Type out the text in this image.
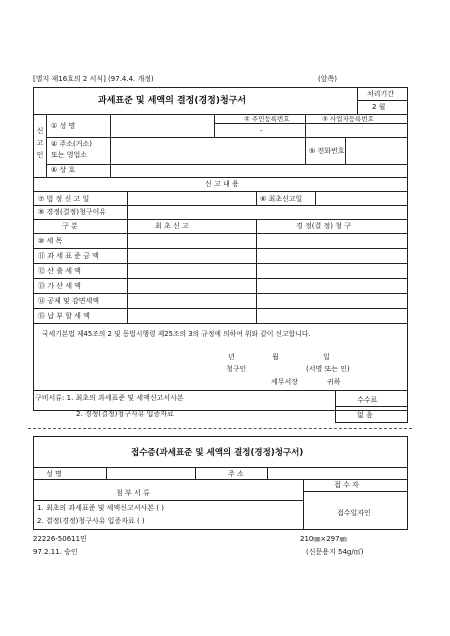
[별지 제16호의 2 서식] (97.4.4. 개정)	(앞쪽)
과세표준 및 세액의 결정(경정)청구서
처리기간
2 월
신 고 인
① 성 명
② 주민등록번호
-
③ 사업자등록번호
④ 주소(거소)
또는 영업소	⑤ 전화번호
⑥ 상 호
신 고 내 용
⑦ 법 정 신 고 일	⑧ 최초신고일
⑨ 경정(결정)청구이유
구 분	최 초 신 고	경 정(결 정) 청 구
⑩ 세 목
⑪ 과 세 표 준 금 액
⑫ 산 출 세 액
⑬ 가 산 세 액
⑭ 공제 및 감면세액
⑮ 납 부 할 세 액
국세기본법 제45조의 2 및 동법시행령 제25조의 3의 규정에 의하여 위와 같이 신고합니다.
년	월	일
청구인	(서명 또는 인)
세무서장	귀하
구비서류: 1. 최초의 과세표준 및 세액신고서사본
2. 경정(결정)청구사유 입증자료
수수료
없 음
접수증(과세표준 및 세액의 결정(경정)청구서)
성 명	주 소
접 수 자
첨 부 서 류
1. 최초의 과세표준 및 세액신고서사본 ( )
2. 결정(경정)청구사유 입증자료 ( )
접수일자인
22226-50611민	210㎜×297㎜
97.2.11. 승인	(신문용지 54g/㎡)
